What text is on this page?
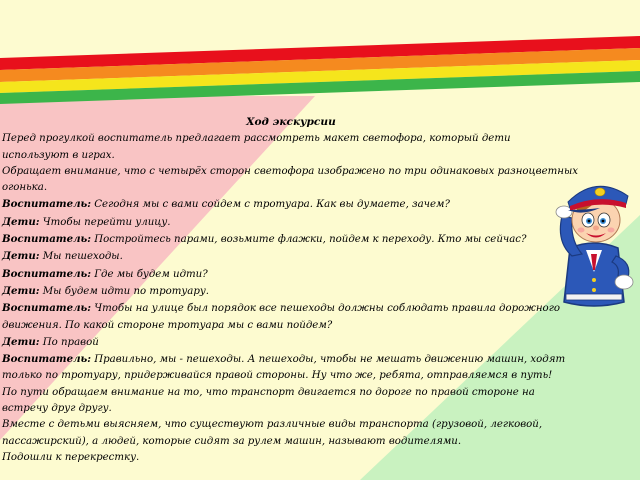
Ход экскурсии

Перед прогулкой воспитатель предлагает рассмотреть макет светофора, который дети используют в играх.

Обращает внимание, что с четырёх сторон светофора изображено по три одинаковых разноцветных огонька.

Воспитатель: Сегодня мы с вами сойдем с тротуара. Как вы думаете, зачем?

Дети: Чтобы перейти улицу.

Воспитатель: Постройтесь парами, возьмите флажки, пойдем к переходу. Кто мы сейчас?

Дети: Мы пешеходы.

Воспитатель: Где мы будем идти?

Дети: Мы будем идти по тротуару.

Воспитатель: Чтобы на улице был порядок все пешеходы должны соблюдать правила дорожного движения. По какой стороне тротуара мы с вами пойдем?

Дети: По правой

Воспитатель: Правильно, мы - пешеходы. А пешеходы, чтобы не мешать движению машин, ходят только по тротуару, придерживайся правой стороны. Ну что же, ребята, отправляемся в путь!

По пути обращаем внимание на то, что транспорт двигается по дороге по правой стороне на встречу друг другу.

Вместе с детьми выясняем, что существуют различные виды транспорта (грузовой, легковой, пассажирский), а людей, которые сидят за рулем машин, называют водителями.

Подошли к перекрестку.
